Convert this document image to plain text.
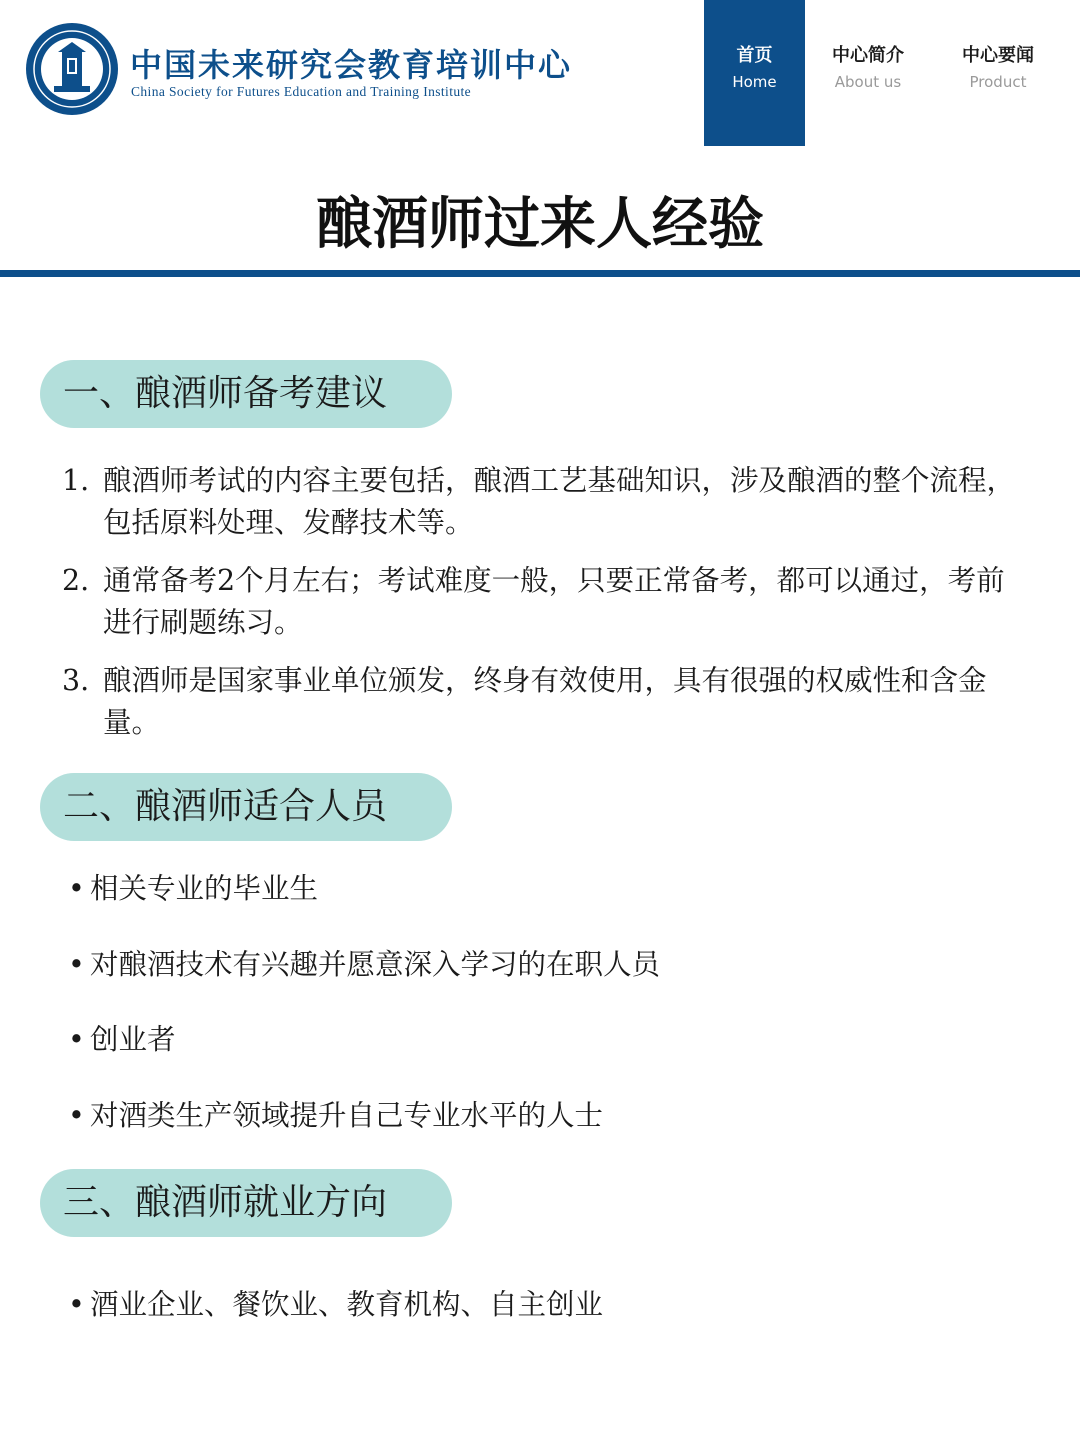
中国未来研究会教育培训中心
China Society for Futures Education and Training Institute
首页
Home
中心简介
About us
中心要闻
Product
酿酒师过来人经验
一、酿酒师备考建议
1. 酿酒师考试的内容主要包括，酿酒工艺基础知识，涉及酿酒的整个流程，包括原料处理、发酵技术等。
2. 通常备考2个月左右；考试难度一般，只要正常备考，都可以通过，考前进行刷题练习。
3. 酿酒师是国家事业单位颁发，终身有效使用，具有很强的权威性和含金量。
二、酿酒师适合人员
• 相关专业的毕业生
• 对酿酒技术有兴趣并愿意深入学习的在职人员
• 创业者
• 对酒类生产领域提升自己专业水平的人士
三、酿酒师就业方向
• 酒业企业、餐饮业、教育机构、自主创业
